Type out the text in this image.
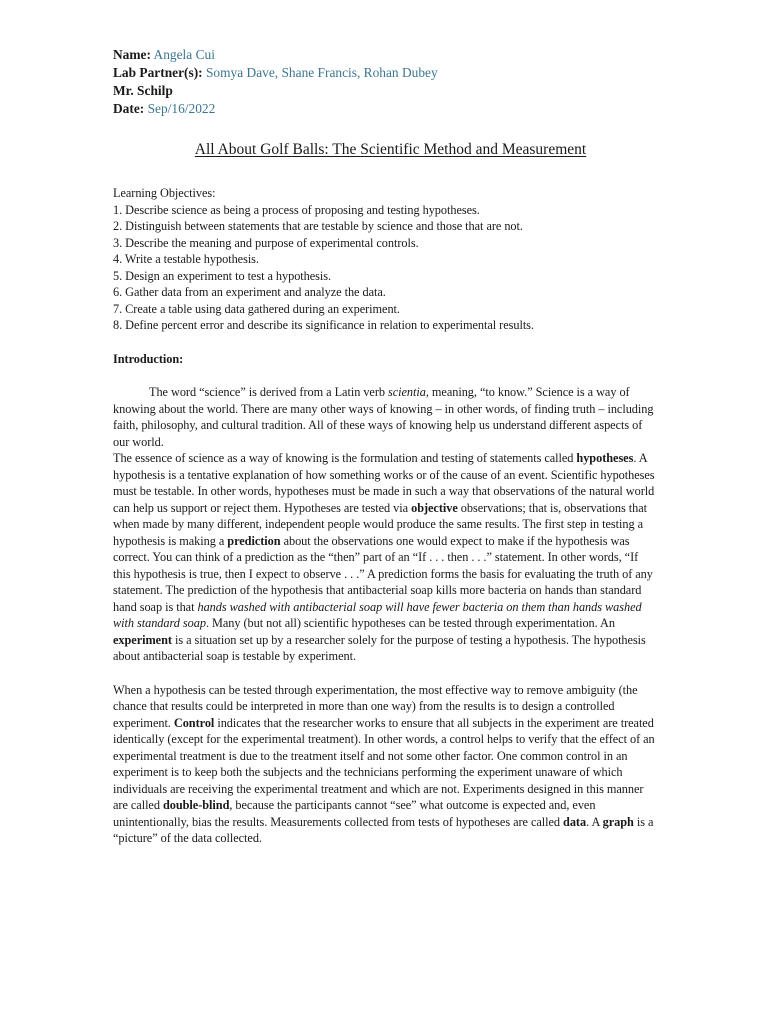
Name: Angela Cui
Lab Partner(s): Somya Dave, Shane Francis, Rohan Dubey
Mr. Schilp
Date: Sep/16/2022
All About Golf Balls: The Scientific Method and Measurement
Learning Objectives:
1. Describe science as being a process of proposing and testing hypotheses.
2. Distinguish between statements that are testable by science and those that are not.
3. Describe the meaning and purpose of experimental controls.
4. Write a testable hypothesis.
5. Design an experiment to test a hypothesis.
6. Gather data from an experiment and analyze the data.
7. Create a table using data gathered during an experiment.
8. Define percent error and describe its significance in relation to experimental results.
Introduction:

The word “science” is derived from a Latin verb scientia, meaning, “to know.” Science is a way of knowing about the world. There are many other ways of knowing – in other words, of finding truth – including faith, philosophy, and cultural tradition. All of these ways of knowing help us understand different aspects of our world.

The essence of science as a way of knowing is the formulation and testing of statements called hypotheses. A hypothesis is a tentative explanation of how something works or of the cause of an event. Scientific hypotheses must be testable. In other words, hypotheses must be made in such a way that observations of the natural world can help us support or reject them. Hypotheses are tested via objective observations; that is, observations that when made by many different, independent people would produce the same results. The first step in testing a hypothesis is making a prediction about the observations one would expect to make if the hypothesis was correct. You can think of a prediction as the “then” part of an “If . . . then . . .” statement. In other words, “If this hypothesis is true, then I expect to observe . . .” A prediction forms the basis for evaluating the truth of any statement. The prediction of the hypothesis that antibacterial soap kills more bacteria on hands than standard hand soap is that hands washed with antibacterial soap will have fewer bacteria on them than hands washed with standard soap. Many (but not all) scientific hypotheses can be tested through experimentation. An experiment is a situation set up by a researcher solely for the purpose of testing a hypothesis. The hypothesis about antibacterial soap is testable by experiment.

When a hypothesis can be tested through experimentation, the most effective way to remove ambiguity (the chance that results could be interpreted in more than one way) from the results is to design a controlled experiment. Control indicates that the researcher works to ensure that all subjects in the experiment are treated identically (except for the experimental treatment). In other words, a control helps to verify that the effect of an experimental treatment is due to the treatment itself and not some other factor. One common control in an experiment is to keep both the subjects and the technicians performing the experiment unaware of which individuals are receiving the experimental treatment and which are not. Experiments designed in this manner are called double-blind, because the participants cannot “see” what outcome is expected and, even unintentionally, bias the results. Measurements collected from tests of hypotheses are called data. A graph is a “picture” of the data collected.
